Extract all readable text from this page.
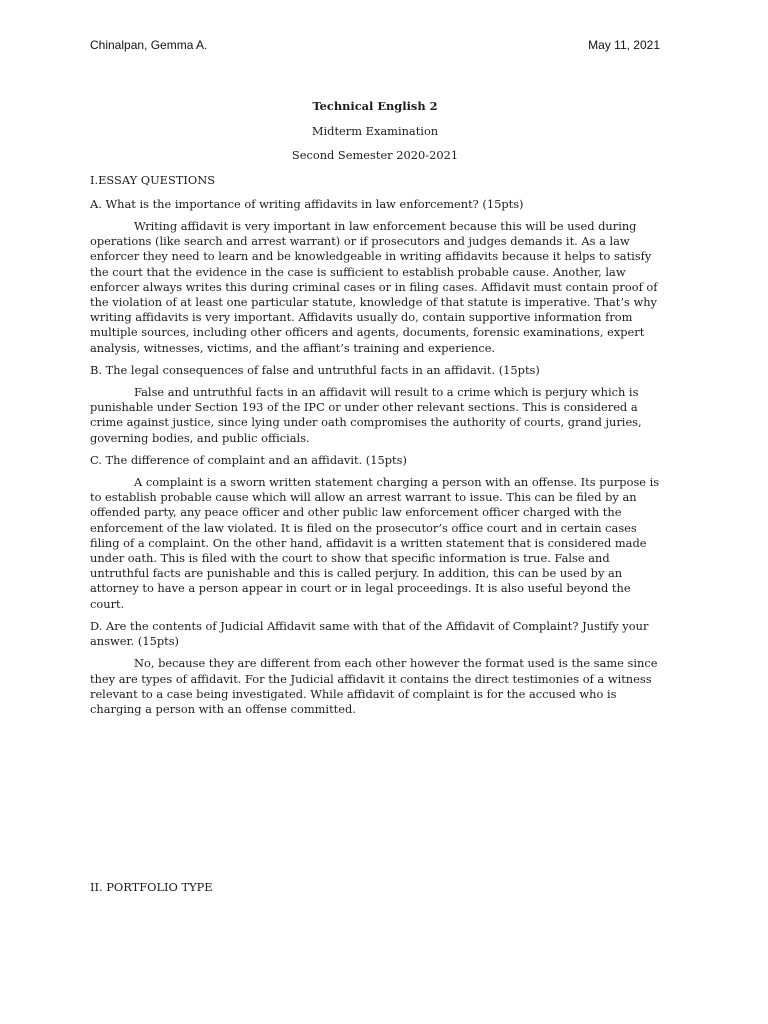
Chinalpan, Gemma A.	May 11, 2021
Technical English 2
Midterm Examination
Second Semester 2020-2021
I.ESSAY QUESTIONS
A. What is the importance of writing affidavits in law enforcement? (15pts)
Writing affidavit is very important in law enforcement because this will be used during operations (like search and arrest warrant) or if prosecutors and judges demands it. As a law enforcer they need to learn and be knowledgeable in writing affidavits because it helps to satisfy the court that the evidence in the case is sufficient to establish probable cause. Another, law enforcer always writes this during criminal cases or in filing cases. Affidavit must contain proof of the violation of at least one particular statute, knowledge of that statute is imperative. That’s why writing affidavits is very important. Affidavits usually do, contain supportive information from multiple sources, including other officers and agents, documents, forensic examinations, expert analysis, witnesses, victims, and the affiant’s training and experience.
B. The legal consequences of false and untruthful facts in an affidavit. (15pts)
False and untruthful facts in an affidavit will result to a crime which is perjury which is punishable under Section 193 of the IPC or under other relevant sections. This is considered a crime against justice, since lying under oath compromises the authority of courts, grand juries, governing bodies, and public officials.
C. The difference of complaint and an affidavit. (15pts)
A complaint is a sworn written statement charging a person with an offense. Its purpose is to establish probable cause which will allow an arrest warrant to issue. This can be filed by an offended party, any peace officer and other public law enforcement officer charged with the enforcement of the law violated. It is filed on the prosecutor’s office court and in certain cases filing of a complaint. On the other hand, affidavit is a written statement that is considered made under oath. This is filed with the court to show that specific information is true. False and untruthful facts are punishable and this is called perjury. In addition, this can be used by an attorney to have a person appear in court or in legal proceedings. It is also useful beyond the court.
D. Are the contents of Judicial Affidavit same with that of the Affidavit of Complaint? Justify your answer. (15pts)
No, because they are different from each other however the format used is the same since they are types of affidavit. For the Judicial affidavit it contains the direct testimonies of a witness relevant to a case being investigated. While affidavit of complaint is for the accused who is charging a person with an offense committed.
II. PORTFOLIO TYPE
